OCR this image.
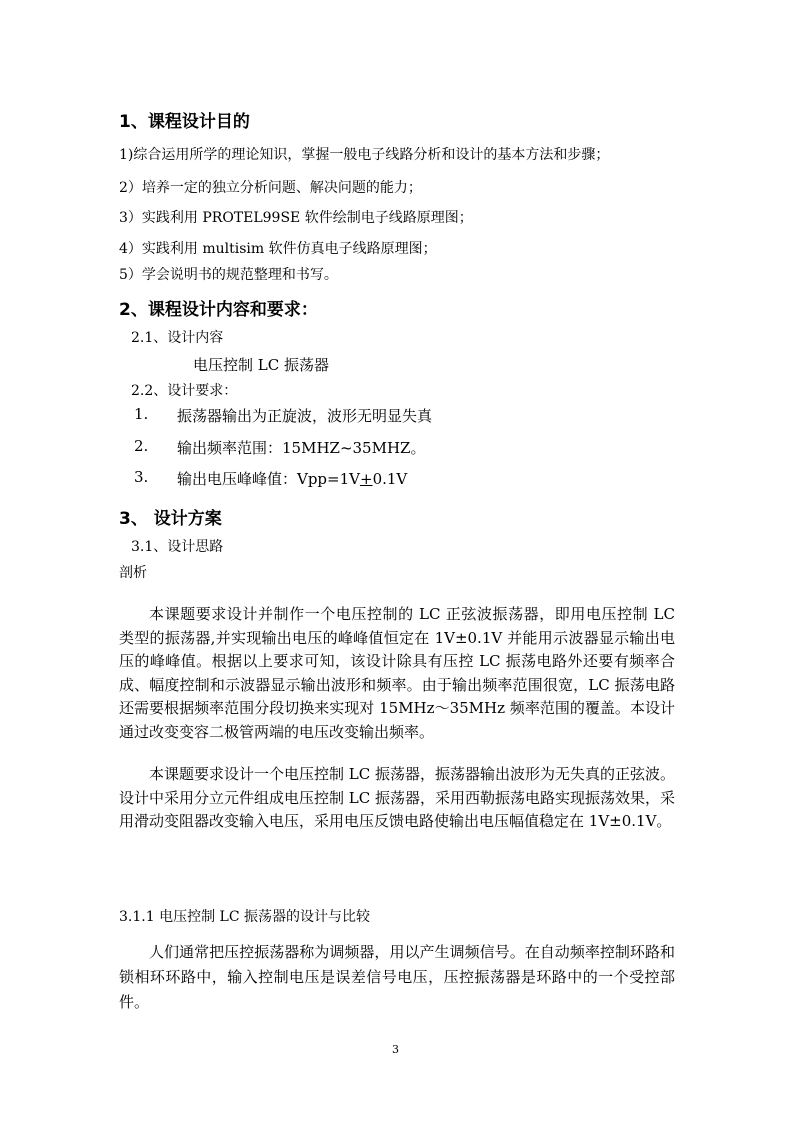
1、课程设计目的
1)综合运用所学的理论知识，掌握一般电子线路分析和设计的基本方法和步骤；
2）培养一定的独立分析问题、解决问题的能力；
3）实践利用 PROTEL99SE 软件绘制电子线路原理图；
4）实践利用 multisim 软件仿真电子线路原理图；
5）学会说明书的规范整理和书写。
2、课程设计内容和要求：
2.1、设计内容
电压控制 LC 振荡器
2.2、设计要求：
1. 振荡器输出为正旋波，波形无明显失真
2. 输出频率范围：15MHZ~35MHZ。
3. 输出电压峰峰值：Vpp=1V+0.1V
3、 设计方案
3.1、设计思路
剖析
本课题要求设计并制作一个电压控制的 LC 正弦波振荡器，即用电压控制 LC 类型的振荡器,并实现输出电压的峰峰值恒定在 1V±0.1V 并能用示波器显示输出电压的峰峰值。根据以上要求可知，该设计除具有压控 LC 振荡电路外还要有频率合成、幅度控制和示波器显示输出波形和频率。由于输出频率范围很宽，LC 振荡电路还需要根据频率范围分段切换来实现对 15MHz～35MHz 频率范围的覆盖。本设计通过改变变容二极管两端的电压改变输出频率。
本课题要求设计一个电压控制 LC 振荡器，振荡器输出波形为无失真的正弦波。设计中采用分立元件组成电压控制 LC 振荡器，采用西勒振荡电路实现振荡效果，采用滑动变阻器改变输入电压，采用电压反馈电路使输出电压幅值稳定在 1V±0.1V。
3.1.1 电压控制 LC 振荡器的设计与比较
人们通常把压控振荡器称为调频器，用以产生调频信号。在自动频率控制环路和锁相环环路中，输入控制电压是误差信号电压，压控振荡器是环路中的一个受控部件。
3
